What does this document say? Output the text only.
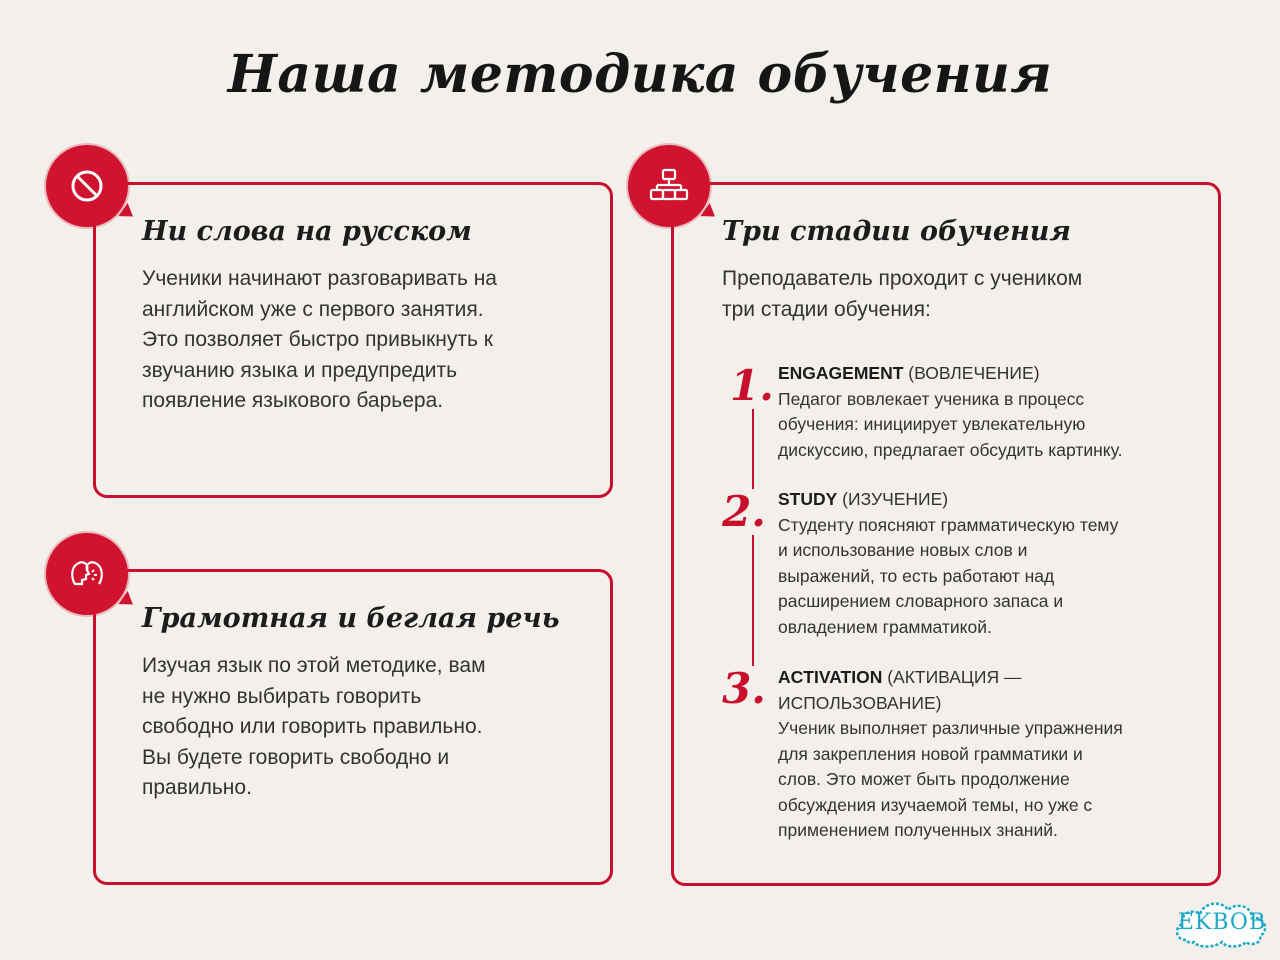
Наша методика обучения
Ни слова на русском
Ученики начинают разговаривать на
английском уже с первого занятия.
Это позволяет быстро привыкнуть к
звучанию языка и предупредить
появление языкового барьера.
Грамотная и беглая речь
Изучая язык по этой методике, вам
не нужно выбирать говорить
свободно или говорить правильно.
Вы будете говорить свободно и
правильно.
Три стадии обучения
Преподаватель проходит с учеником
три стадии обучения:
1. ENGAGEMENT (ВОВЛЕЧЕНИЕ)
Педагог вовлекает ученика в процесс
обучения: инициирует увлекательную
дискуссию, предлагает обсудить картинку.
2. STUDY (ИЗУЧЕНИЕ)
Студенту поясняют грамматическую тему
и использование новых слов и
выражений, то есть работают над
расширением словарного запаса и
овладением грамматикой.
3. ACTIVATION (АКТИВАЦИЯ —
ИСПОЛЬЗОВАНИЕ)
Ученик выполняет различные упражнения
для закрепления новой грамматики и
слов. Это может быть продолжение
обсуждения изучаемой темы, но уже с
применением полученных знаний.
EKBOB
